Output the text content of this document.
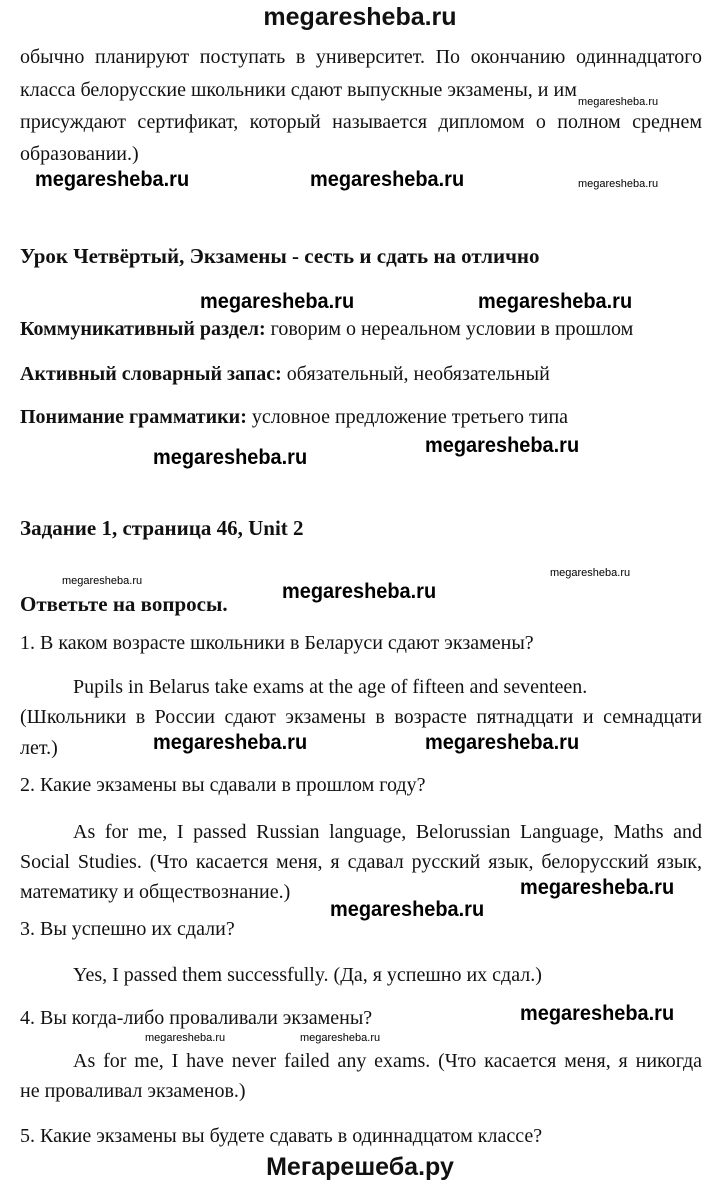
megaresheba.ru
обычно планируют поступать в университет. По окончанию одиннадцатого
класса белорусские школьники сдают выпускные экзамены, и им
присуждают сертификат, который называется дипломом о полном среднем
образовании.)
Урок Четвёртый, Экзамены - сесть и сдать на отлично
Коммуникативный раздел: говорим о нереальном условии в прошлом
Активный словарный запас: обязательный, необязательный
Понимание грамматики: условное предложение третьего типа
Задание 1, страница 46, Unit 2
Ответьте на вопросы.
1. В каком возрасте школьники в Беларуси сдают экзамены?
Pupils in Belarus take exams at the age of fifteen and seventeen.
(Школьники в России сдают экзамены в возрасте пятнадцати и семнадцати
лет.)
2. Какие экзамены вы сдавали в прошлом году?
As for me, I passed Russian language, Belorussian Language, Maths and
Social Studies. (Что касается меня, я сдавал русский язык, белорусский язык,
математику и обществознание.)
3. Вы успешно их сдали?
Yes, I passed them successfully. (Да, я успешно их сдал.)
4. Вы когда-либо проваливали экзамены?
As for me, I have never failed any exams. (Что касается меня, я никогда
не проваливал экзаменов.)
5. Какие экзамены вы будете сдавать в одиннадцатом классе?
Мегарешеба.ру
megaresheba.ru
megaresheba.ru	megaresheba.ru	megaresheba.ru
megaresheba.ru	megaresheba.ru
megaresheba.ru
megaresheba.ru
megaresheba.ru
megaresheba.ru	megaresheba.ru
megaresheba.ru	megaresheba.ru
megaresheba.ru
megaresheba.ru
megaresheba.ru
megaresheba.ru	megaresheba.ru
